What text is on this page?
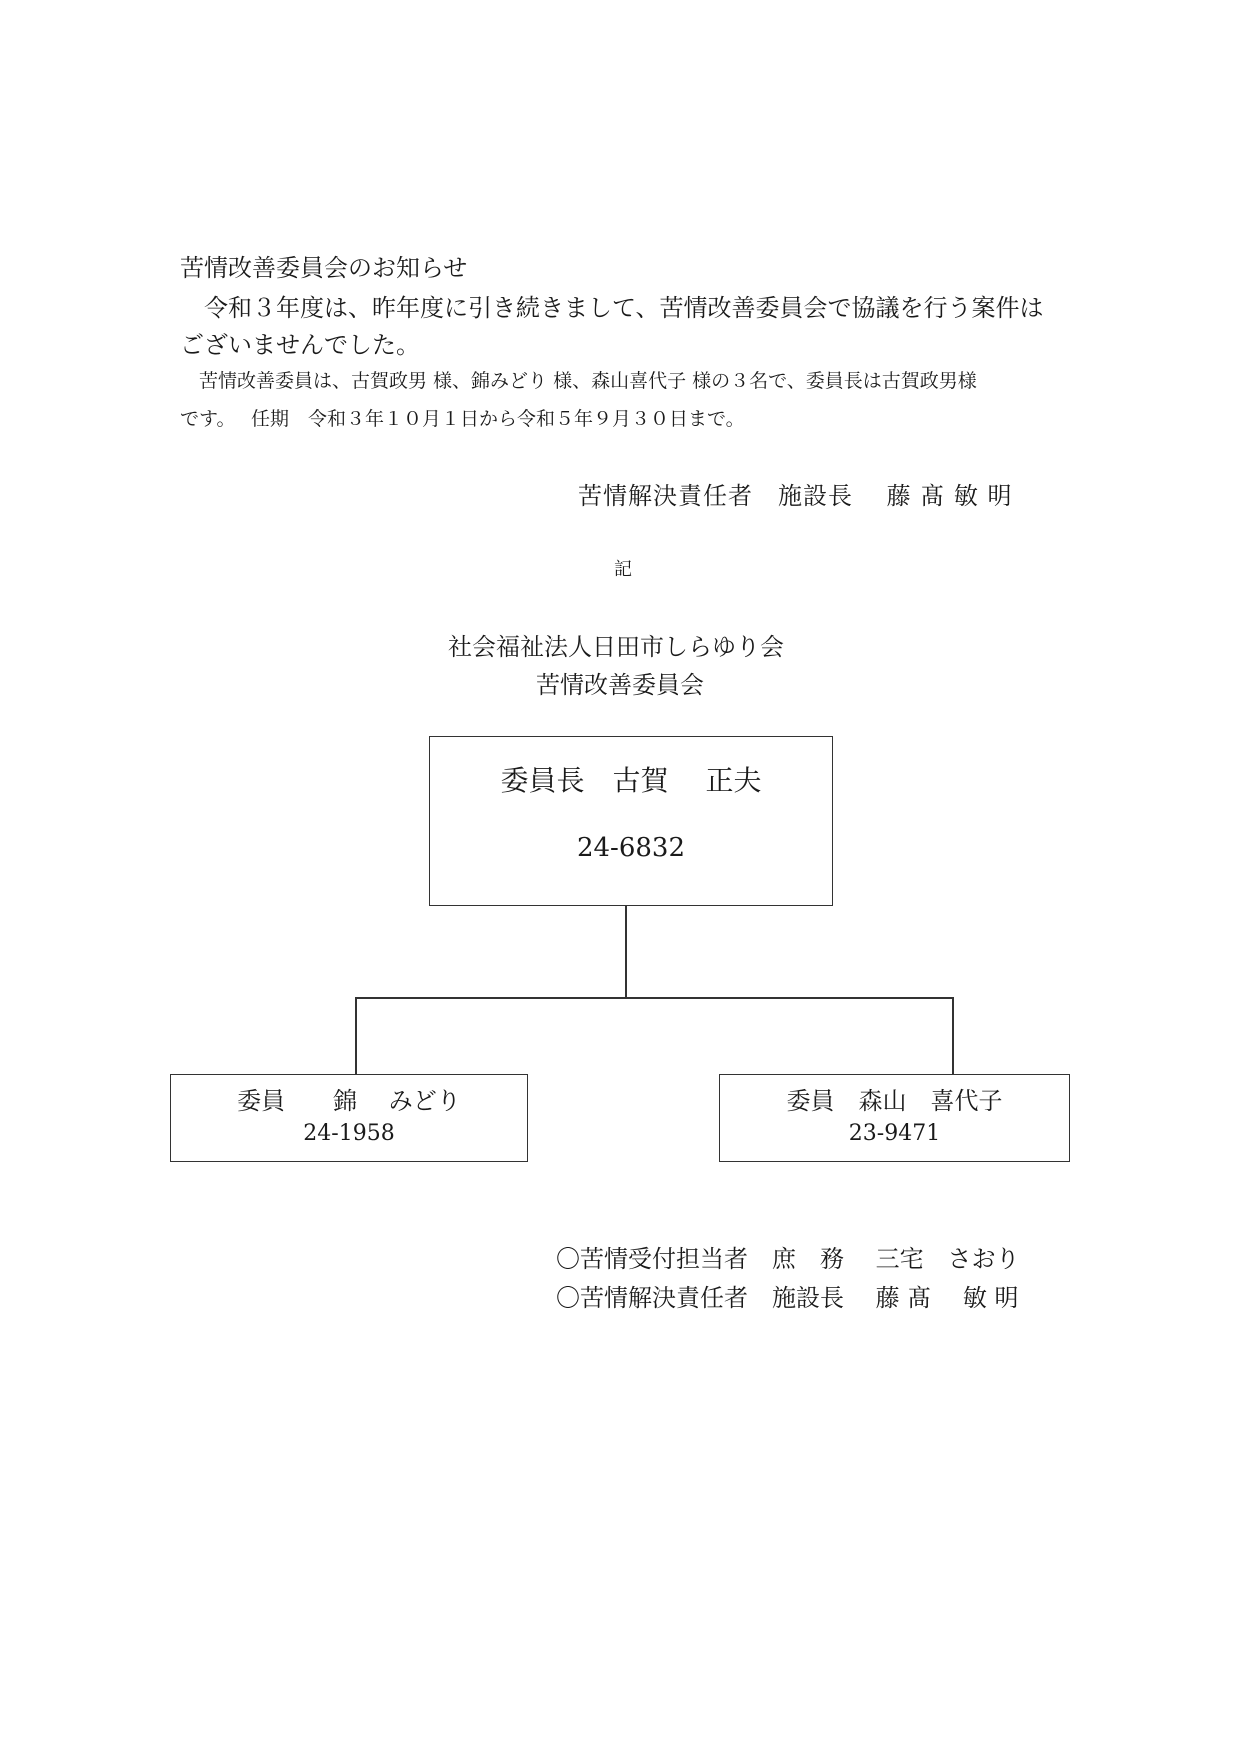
苦情改善委員会のお知らせ
　令和３年度は、昨年度に引き続きまして、苦情改善委員会で協議を行う案件は
ございませんでした。
　苦情改善委員は、古賀政男 様、錦みどり 様、森山喜代子 様の３名で、委員長は古賀政男様
です。　 任期　令和３年１０月１日から令和５年９月３０日まで。
苦情解決責任者　施設長　 藤 髙 敏 明
記
社会福祉法人日田市しらゆり会
苦情改善委員会
委員長　古賀　 正夫
24-6832
委員　　錦　 みどり
24-1958
委員　森山　喜代子
23-9471
〇苦情受付担当者　庶　務　 三宅　さおり
〇苦情解決責任者　施設長　 藤 髙　 敏 明
